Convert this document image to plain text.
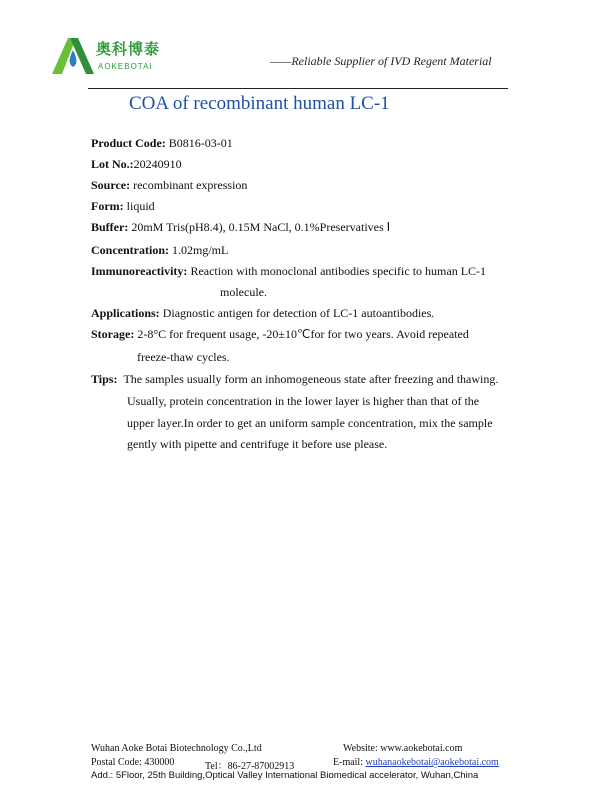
奥科博泰
AOKEBOTAI	——Reliable Supplier of IVD Regent Material
COA of recombinant human LC-1
Product Code: B0816-03-01
Lot No.:20240910
Source: recombinant expression
Form: liquid
Buffer: 20mM Tris(pH8.4), 0.15M NaCl, 0.1%Preservatives Ⅰ
Concentration: 1.02mg/mL
Immunoreactivity: Reaction with monoclonal antibodies specific to human LC-1
molecule.
Applications: Diagnostic antigen for detection of LC-1 autoantibodies.
Storage: 2-8°C for frequent usage, -20±10℃for for two years. Avoid repeated
freeze-thaw cycles.
Tips:  The samples usually form an inhomogeneous state after freezing and thawing.
Usually, protein concentration in the lower layer is higher than that of the
upper layer.In order to get an uniform sample concentration, mix the sample
gently with pipette and centrifuge it before use please.
Wuhan Aoke Botai Biotechnology Co.,Ltd	Website: www.aokebotai.com
Postal Code: 430000	Tel：86-27-87002913	E-mail: wuhanaokebotai@aokebotai.com
Add.: 5Floor, 25th Building,Optical Valley International Biomedical accelerator, Wuhan,China
